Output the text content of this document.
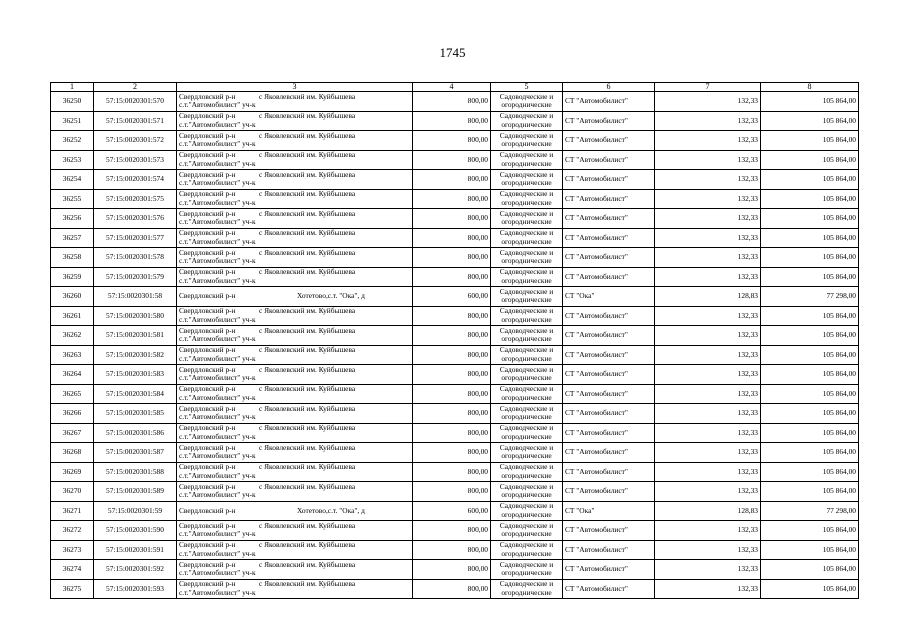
1745
1	2	3	4	5	6	7	8
36250	57:15:0020301:570	Свердловский р-н с Яковлевский им. Куйбышева
с.т."Автомобилист" уч-к	800,00	Садоводческие и
огороднические	СТ "Автомобилист"	132,33	105 864,00
36251	57:15:0020301:571	Свердловский р-н с Яковлевский им. Куйбышева
с.т."Автомобилист" уч-к	800,00	Садоводческие и
огороднические	СТ "Автомобилист"	132,33	105 864,00
36252	57:15:0020301:572	Свердловский р-н с Яковлевский им. Куйбышева
с.т."Автомобилист" уч-к	800,00	Садоводческие и
огороднические	СТ "Автомобилист"	132,33	105 864,00
36253	57:15:0020301:573	Свердловский р-н с Яковлевский им. Куйбышева
с.т."Автомобилист" уч-к	800,00	Садоводческие и
огороднические	СТ "Автомобилист"	132,33	105 864,00
36254	57:15:0020301:574	Свердловский р-н с Яковлевский им. Куйбышева
с.т."Автомобилист" уч-к	800,00	Садоводческие и
огороднические	СТ "Автомобилист"	132,33	105 864,00
36255	57:15:0020301:575	Свердловский р-н с Яковлевский им. Куйбышева
с.т."Автомобилист" уч-к	800,00	Садоводческие и
огороднические	СТ "Автомобилист"	132,33	105 864,00
36256	57:15:0020301:576	Свердловский р-н с Яковлевский им. Куйбышева
с.т."Автомобилист" уч-к	800,00	Садоводческие и
огороднические	СТ "Автомобилист"	132,33	105 864,00
36257	57:15:0020301:577	Свердловский р-н с Яковлевский им. Куйбышева
с.т."Автомобилист" уч-к	800,00	Садоводческие и
огороднические	СТ "Автомобилист"	132,33	105 864,00
36258	57:15:0020301:578	Свердловский р-н с Яковлевский им. Куйбышева
с.т."Автомобилист" уч-к	800,00	Садоводческие и
огороднические	СТ "Автомобилист"	132,33	105 864,00
36259	57:15:0020301:579	Свердловский р-н с Яковлевский им. Куйбышева
с.т."Автомобилист" уч-к	800,00	Садоводческие и
огороднические	СТ "Автомобилист"	132,33	105 864,00
36260	57:15:0020301:58	Свердловский р-н Хотетово,с.т. "Ока", д	600,00	Садоводческие и
огороднические	СТ "Ока"	128,83	77 298,00
36261	57:15:0020301:580	Свердловский р-н с Яковлевский им. Куйбышева
с.т."Автомобилист" уч-к	800,00	Садоводческие и
огороднические	СТ "Автомобилист"	132,33	105 864,00
36262	57:15:0020301:581	Свердловский р-н с Яковлевский им. Куйбышева
с.т."Автомобилист" уч-к	800,00	Садоводческие и
огороднические	СТ "Автомобилист"	132,33	105 864,00
36263	57:15:0020301:582	Свердловский р-н с Яковлевский им. Куйбышева
с.т."Автомобилист" уч-к	800,00	Садоводческие и
огороднические	СТ "Автомобилист"	132,33	105 864,00
36264	57:15:0020301:583	Свердловский р-н с Яковлевский им. Куйбышева
с.т."Автомобилист" уч-к	800,00	Садоводческие и
огороднические	СТ "Автомобилист"	132,33	105 864,00
36265	57:15:0020301:584	Свердловский р-н с Яковлевский им. Куйбышева
с.т."Автомобилист" уч-к	800,00	Садоводческие и
огороднические	СТ "Автомобилист"	132,33	105 864,00
36266	57:15:0020301:585	Свердловский р-н с Яковлевский им. Куйбышева
с.т."Автомобилист" уч-к	800,00	Садоводческие и
огороднические	СТ "Автомобилист"	132,33	105 864,00
36267	57:15:0020301:586	Свердловский р-н с Яковлевский им. Куйбышева
с.т."Автомобилист" уч-к	800,00	Садоводческие и
огороднические	СТ "Автомобилист"	132,33	105 864,00
36268	57:15:0020301:587	Свердловский р-н с Яковлевский им. Куйбышева
с.т."Автомобилист" уч-к	800,00	Садоводческие и
огороднические	СТ "Автомобилист"	132,33	105 864,00
36269	57:15:0020301:588	Свердловский р-н с Яковлевский им. Куйбышева
с.т."Автомобилист" уч-к	800,00	Садоводческие и
огороднические	СТ "Автомобилист"	132,33	105 864,00
36270	57:15:0020301:589	Свердловский р-н с Яковлевский им. Куйбышева
с.т."Автомобилист" уч-к	800,00	Садоводческие и
огороднические	СТ "Автомобилист"	132,33	105 864,00
36271	57:15:0020301:59	Свердловский р-н Хотетово,с.т. "Ока", д	600,00	Садоводческие и
огороднические	СТ "Ока"	128,83	77 298,00
36272	57:15:0020301:590	Свердловский р-н с Яковлевский им. Куйбышева
с.т."Автомобилист" уч-к	800,00	Садоводческие и
огороднические	СТ "Автомобилист"	132,33	105 864,00
36273	57:15:0020301:591	Свердловский р-н с Яковлевский им. Куйбышева
с.т."Автомобилист" уч-к	800,00	Садоводческие и
огороднические	СТ "Автомобилист"	132,33	105 864,00
36274	57:15:0020301:592	Свердловский р-н с Яковлевский им. Куйбышева
с.т."Автомобилист" уч-к	800,00	Садоводческие и
огороднические	СТ "Автомобилист"	132,33	105 864,00
36275	57:15:0020301:593	Свердловский р-н с Яковлевский им. Куйбышева
с.т."Автомобилист" уч-к	800,00	Садоводческие и
огороднические	СТ "Автомобилист"	132,33	105 864,00
